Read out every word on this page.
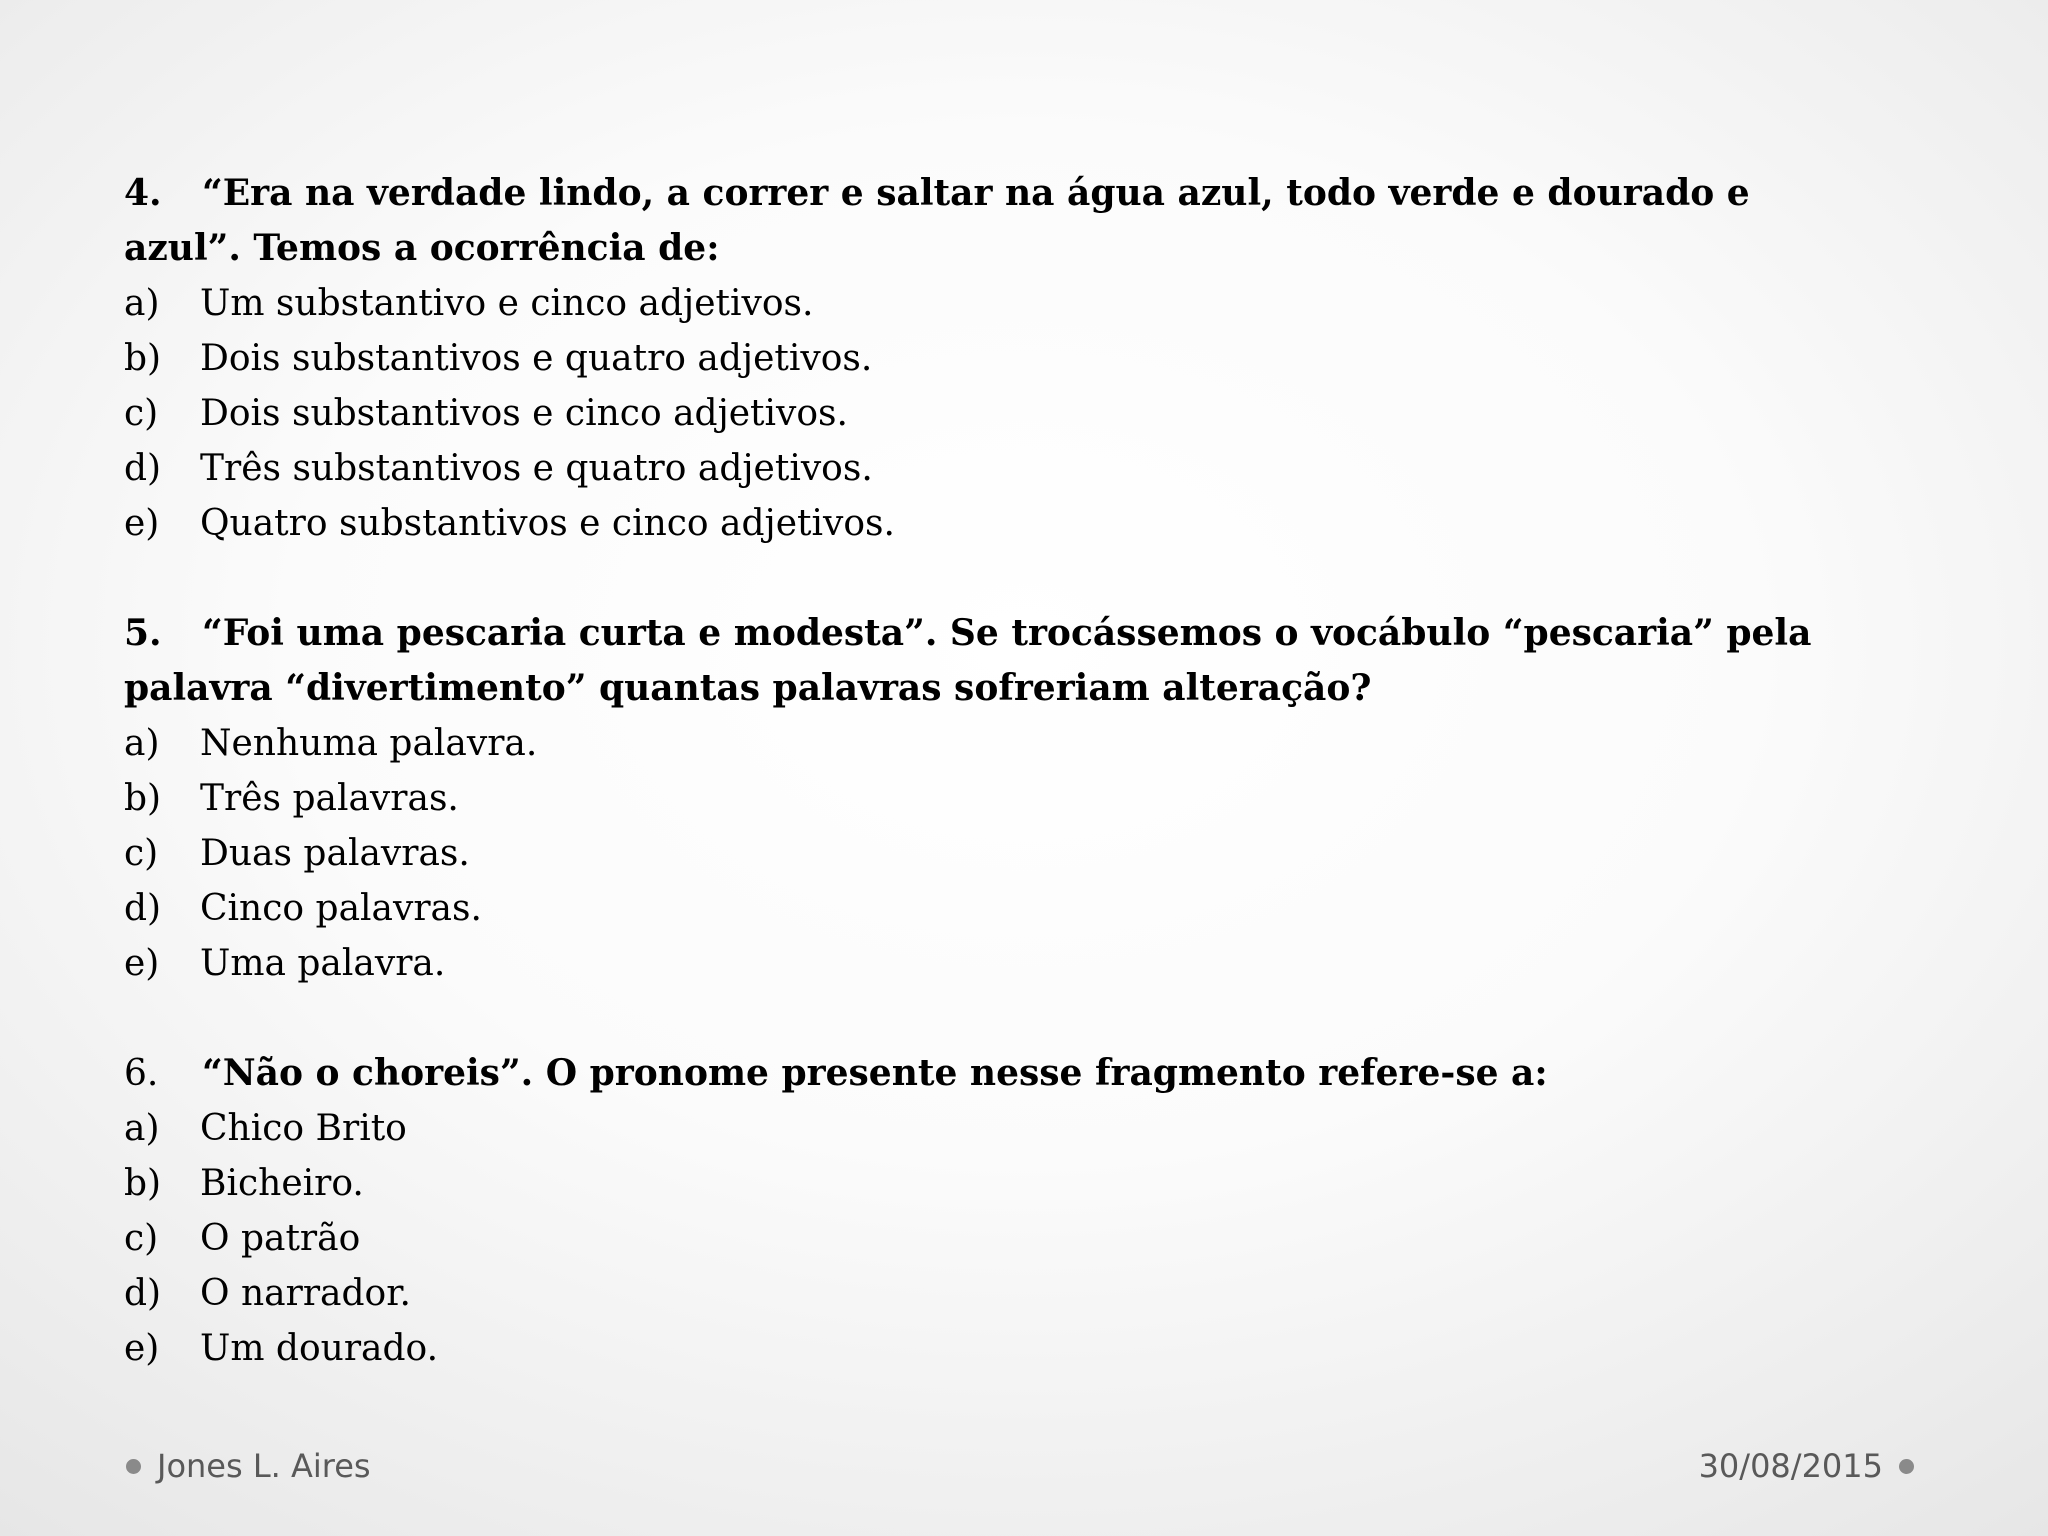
4. “Era na verdade lindo, a correr e saltar na água azul, todo verde e dourado e azul”. Temos a ocorrência de:
a)	Um substantivo e cinco adjetivos.
b)	Dois substantivos e quatro adjetivos.
c)	Dois substantivos e cinco adjetivos.
d)	Três substantivos e quatro adjetivos.
e)	Quatro substantivos e cinco adjetivos.
5. “Foi uma pescaria curta e modesta”. Se trocássemos o vocábulo “pescaria” pela palavra “divertimento” quantas palavras sofreriam alteração?
a)	Nenhuma palavra.
b)	Três palavras.
c)	Duas palavras.
d)	Cinco palavras.
e)	Uma palavra.
6.	“Não o choreis”. O pronome presente nesse fragmento refere-se a:
a)	Chico Brito
b)	Bicheiro.
c)	O patrão
d)	O narrador.
e)	Um dourado.
Jones L. Aires	30/08/2015
